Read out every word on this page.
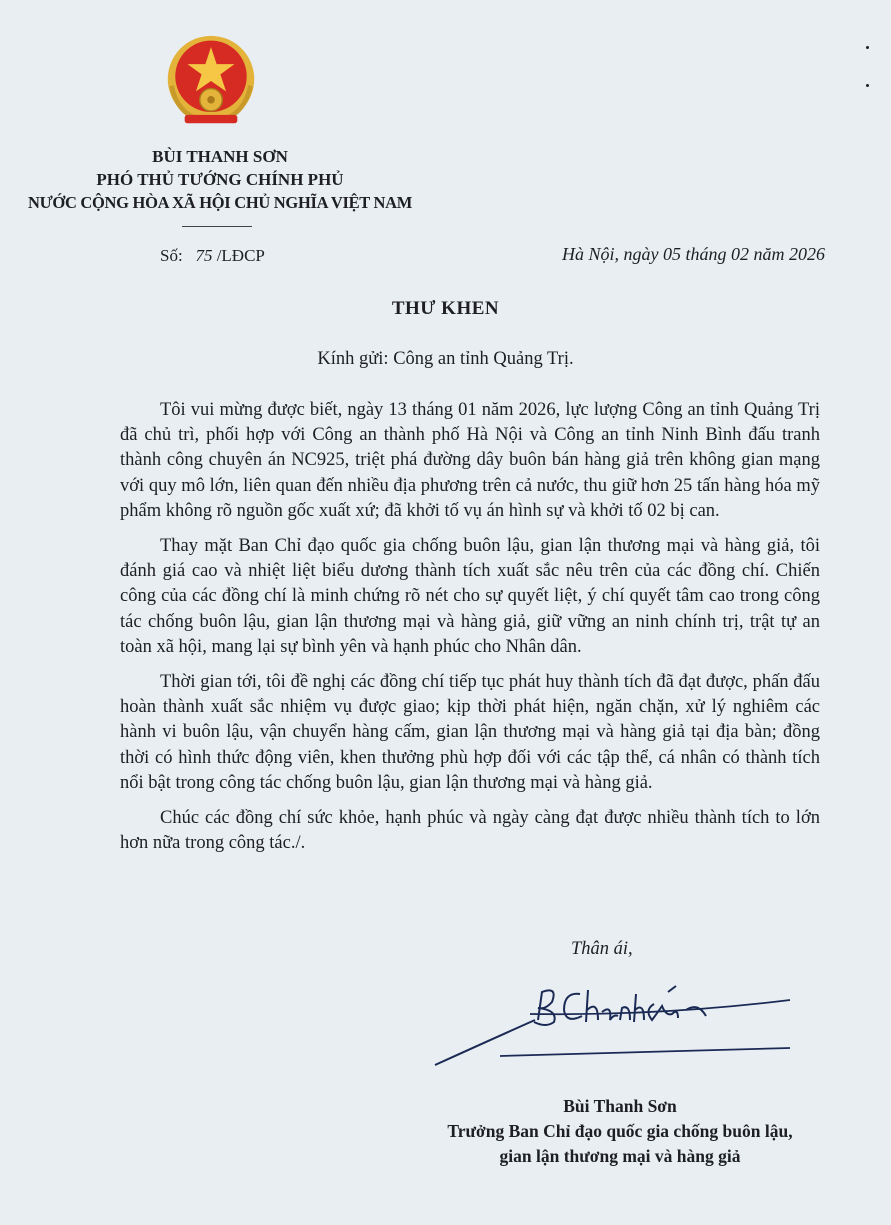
BÙI THANH SƠN
PHÓ THỦ TƯỚNG CHÍNH PHỦ
NƯỚC CỘNG HÒA XÃ HỘI CHỦ NGHĨA VIỆT NAM
Số: 75 /LĐCP	Hà Nội, ngày 05 tháng 02 năm 2026
THƯ KHEN
Kính gửi: Công an tỉnh Quảng Trị.

Tôi vui mừng được biết, ngày 13 tháng 01 năm 2026, lực lượng Công an tỉnh Quảng Trị đã chủ trì, phối hợp với Công an thành phố Hà Nội và Công an tỉnh Ninh Bình đấu tranh thành công chuyên án NC925, triệt phá đường dây buôn bán hàng giả trên không gian mạng với quy mô lớn, liên quan đến nhiều địa phương trên cả nước, thu giữ hơn 25 tấn hàng hóa mỹ phẩm không rõ nguồn gốc xuất xứ; đã khởi tố vụ án hình sự và khởi tố 02 bị can.

Thay mặt Ban Chỉ đạo quốc gia chống buôn lậu, gian lận thương mại và hàng giả, tôi đánh giá cao và nhiệt liệt biểu dương thành tích xuất sắc nêu trên của các đồng chí. Chiến công của các đồng chí là minh chứng rõ nét cho sự quyết liệt, ý chí quyết tâm cao trong công tác chống buôn lậu, gian lận thương mại và hàng giả, giữ vững an ninh chính trị, trật tự an toàn xã hội, mang lại sự bình yên và hạnh phúc cho Nhân dân.

Thời gian tới, tôi đề nghị các đồng chí tiếp tục phát huy thành tích đã đạt được, phấn đấu hoàn thành xuất sắc nhiệm vụ được giao; kịp thời phát hiện, ngăn chặn, xử lý nghiêm các hành vi buôn lậu, vận chuyển hàng cấm, gian lận thương mại và hàng giả tại địa bàn; đồng thời có hình thức động viên, khen thưởng phù hợp đối với các tập thể, cá nhân có thành tích nổi bật trong công tác chống buôn lậu, gian lận thương mại và hàng giả.

Chúc các đồng chí sức khỏe, hạnh phúc và ngày càng đạt được nhiều thành tích to lớn hơn nữa trong công tác./.

Thân ái,
Bùi Thanh Sơn
Trưởng Ban Chỉ đạo quốc gia chống buôn lậu,
gian lận thương mại và hàng giả
